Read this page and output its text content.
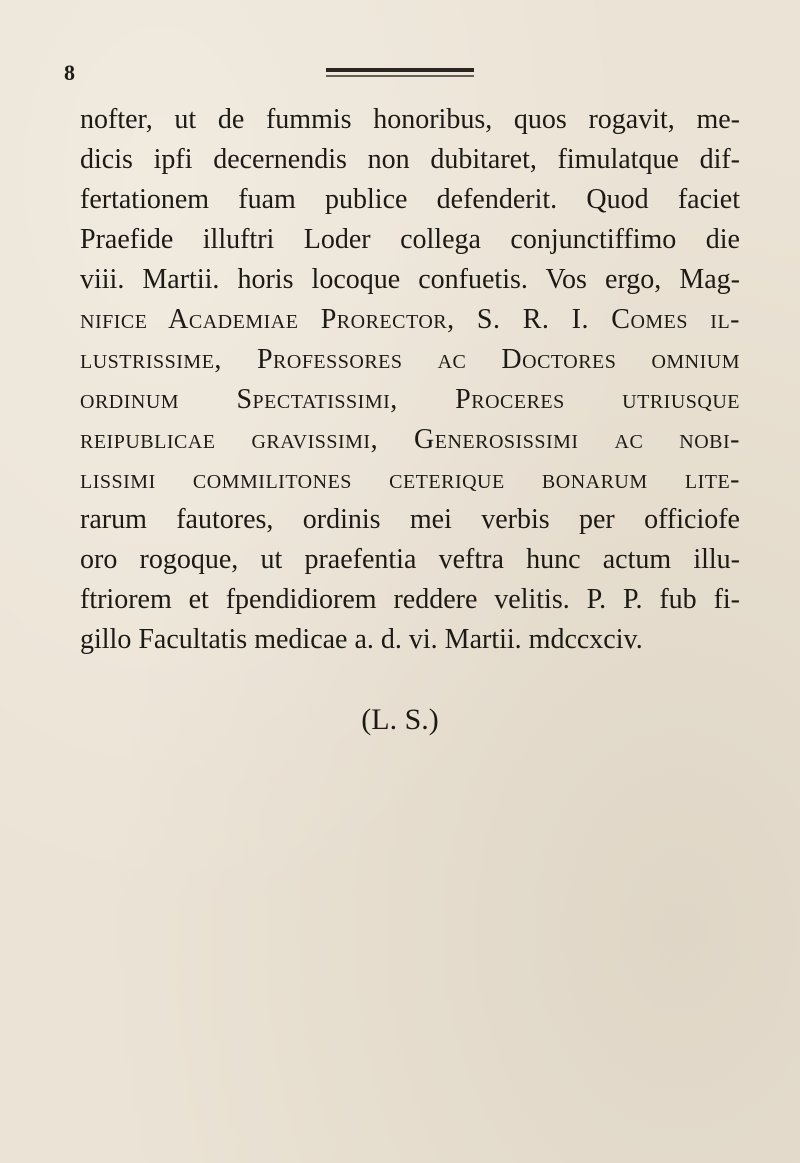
8
nofter, ut de fummis honoribus, quos rogavit, me-
dicis ipfi decernendis non dubitaret, fimulatque dif-
fertationem fuam publice defenderit. Quod faciet
Praefide illuftri Loder collega conjunctiffimo die
viii. Martii. horis locoque confuetis. Vos ergo, Mag-
nifice Academiae Prorector, S. R. I. Comes il-
lustrissime, Professores ac Doctores omnium
ordinum Spectatissimi, Proceres utriusque
reipublicae gravissimi, Generosissimi ac nobi-
lissimi commilitones ceterique bonarum lite-
rarum fautores, ordinis mei verbis per officiofe
oro rogoque, ut praefentia veftra hunc actum illu-
ftriorem et fpendidiorem reddere velitis. P. P. fub fi-
gillo Facultatis medicae a. d. vi. Martii. mdccxciv.
(L. S.)
